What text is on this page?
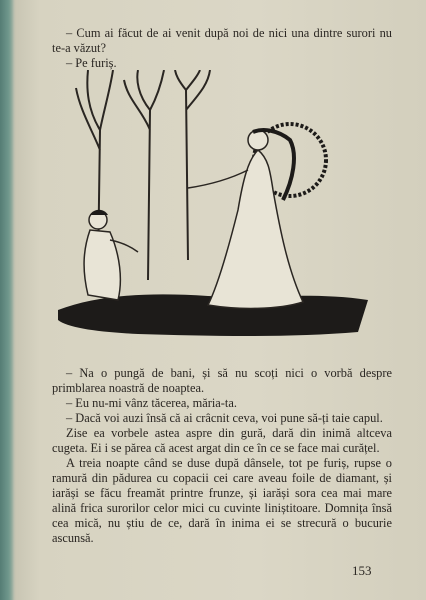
– Cum ai făcut de ai venit după noi de nici una dintre surori nu te-a văzut?

– Pe furiș.

– Na o pungă de bani, și să nu scoți nici o vorbă despre primblarea noastră de noaptea.

– Eu nu-mi vânz tăcerea, măria-ta.

– Dacă voi auzi însă că ai crâcnit ceva, voi pune să-ți taie capul.

Zise ea vorbele astea aspre din gură, dară din inimă altceva cugeta. Ei i se părea că acest argat din ce în ce se face mai curățel.

A treia noapte când se duse după dânsele, tot pe furiș, rupse o ramură din pădurea cu copacii cei care aveau foile de diamant, și iarăși se făcu freamăt printre frunze, și iarăși sora cea mai mare alină frica surorilor celor mici cu cuvinte liniștitoare. Domnița însă cea mică, nu știu de ce, dară în inima ei se strecură o bucurie ascunsă.

153
